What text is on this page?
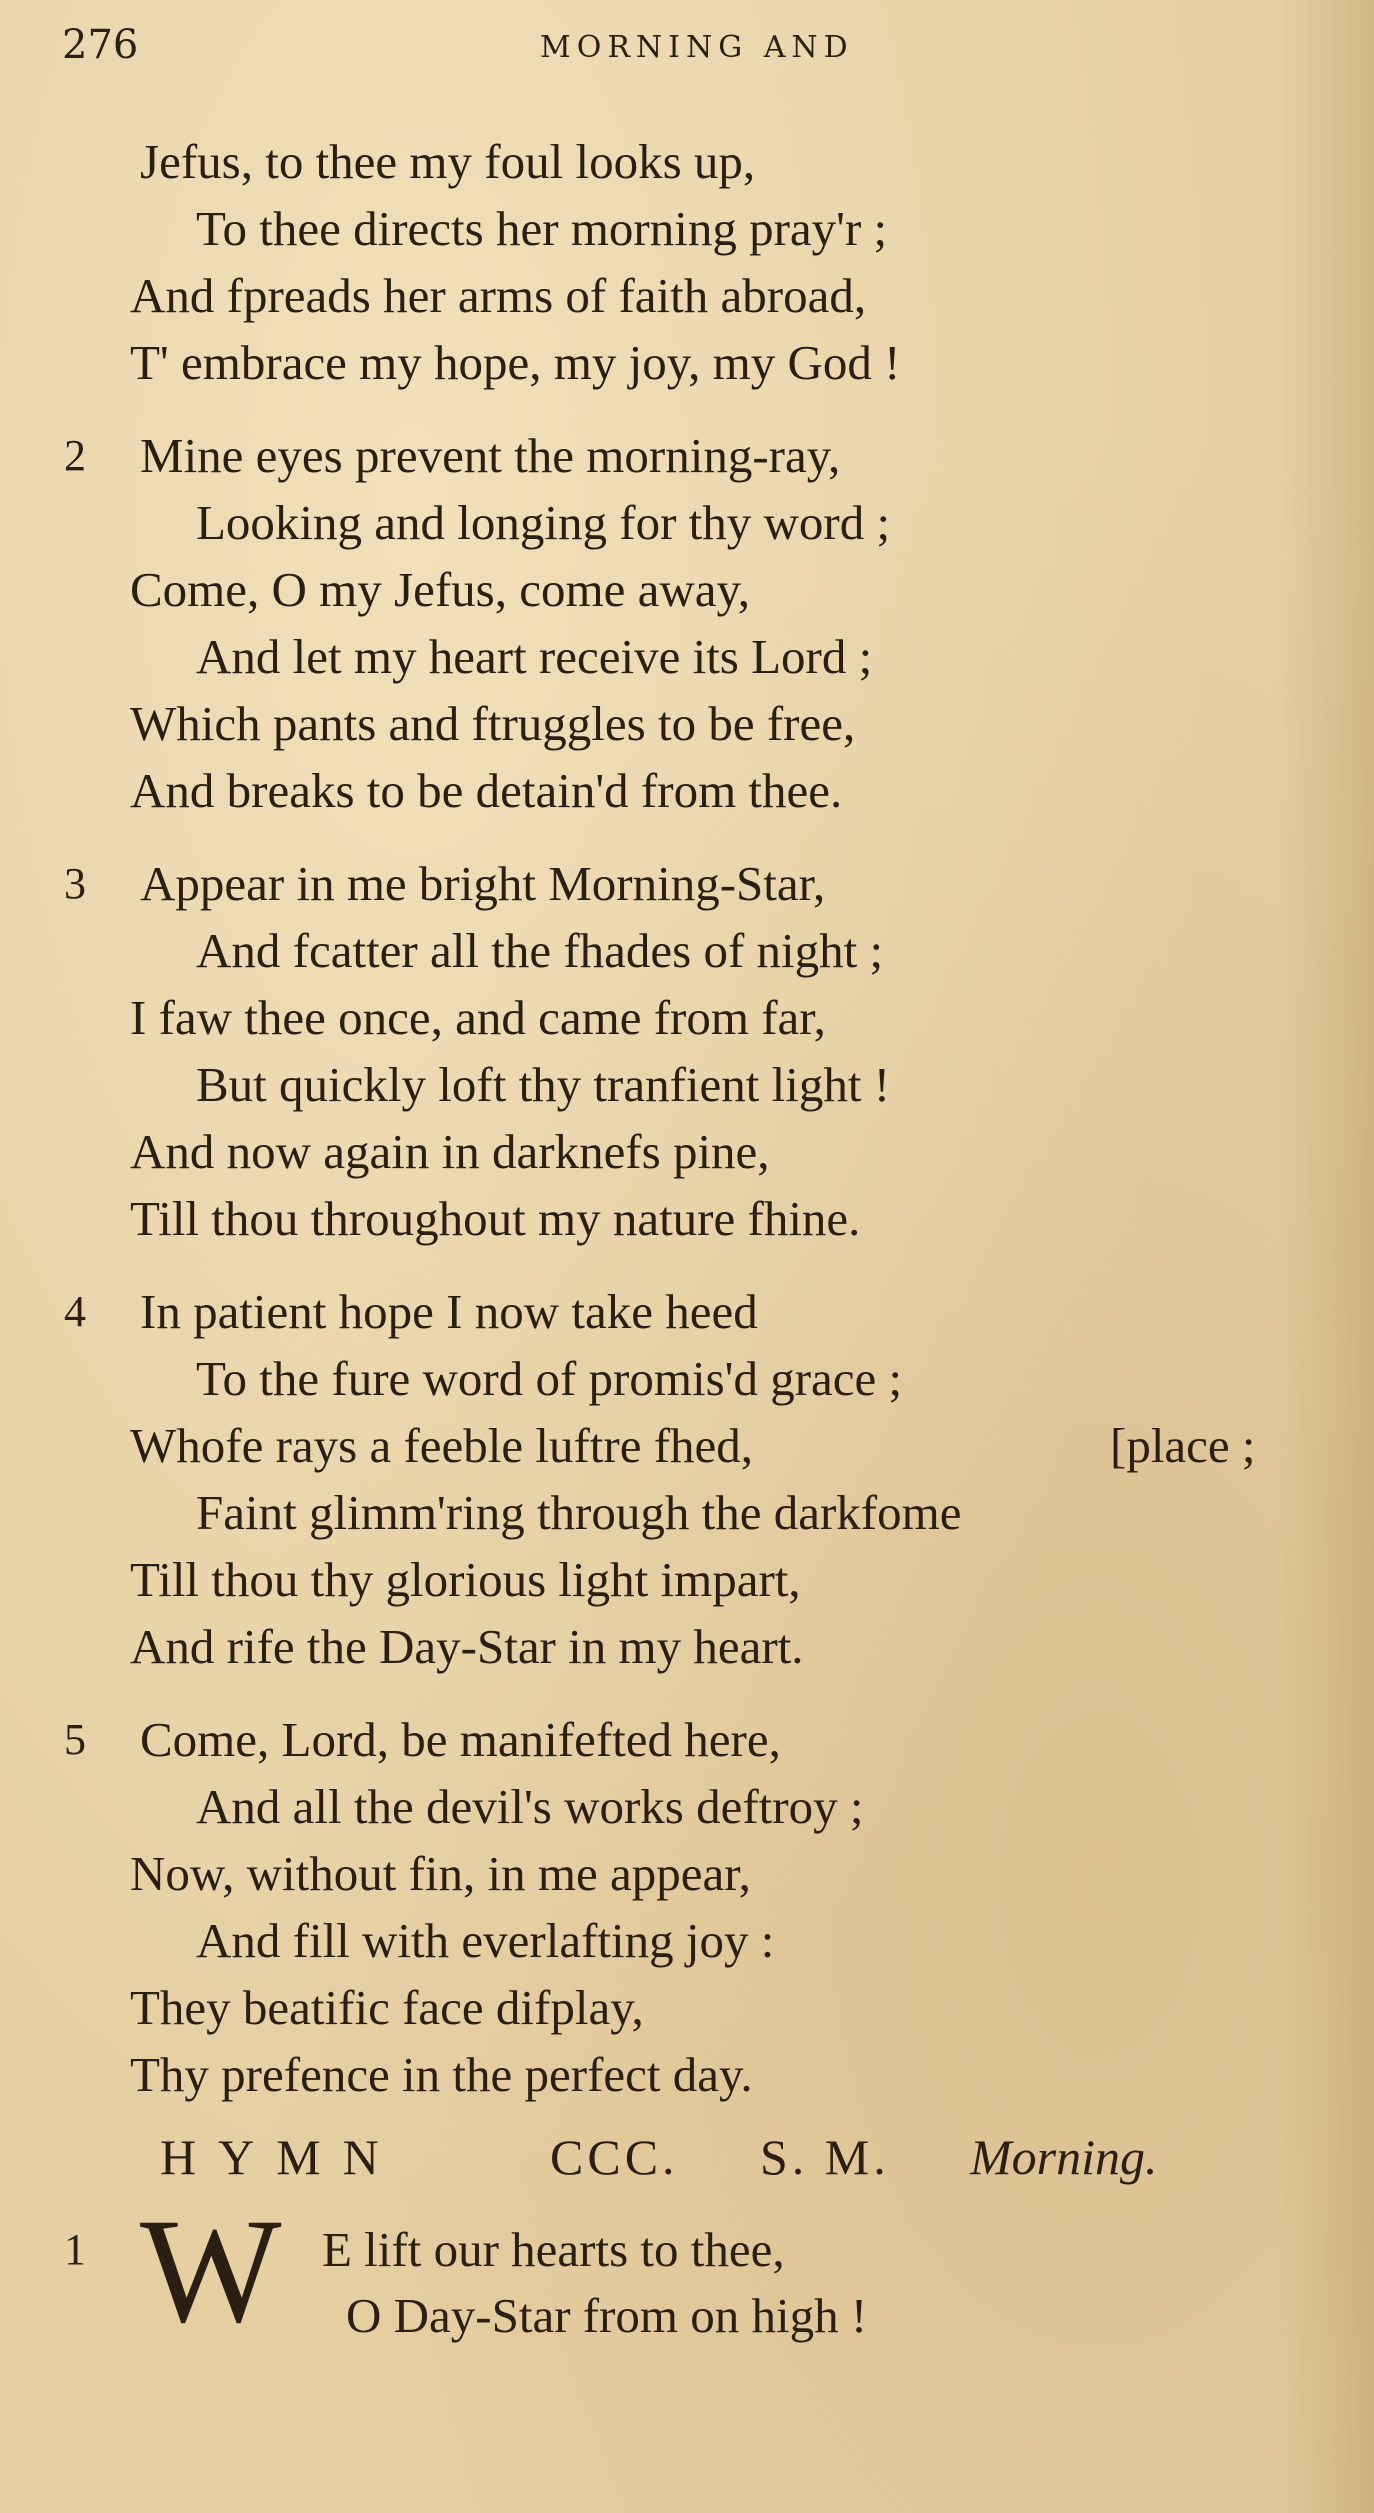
276	MORNING AND
Jefus, to thee my foul looks up,
To thee directs her morning pray'r ;
And fpreads her arms of faith abroad,
T' embrace my hope, my joy, my God !
2 Mine eyes prevent the morning-ray,
Looking and longing for thy word ;
Come, O my Jefus, come away,
And let my heart receive its Lord ;
Which pants and ftruggles to be free,
And breaks to be detain'd from thee.
3 Appear in me bright Morning-Star,
And fcatter all the fhades of night ;
I faw thee once, and came from far,
But quickly loft thy tranfient light !
And now again in darknefs pine,
Till thou throughout my nature fhine.
4 In patient hope I now take heed
To the fure word of promis'd grace ;
Whofe rays a feeble luftre fhed,	[place ;
Faint glimm'ring through the darkfome
Till thou thy glorious light impart,
And rife the Day-Star in my heart.
5 Come, Lord, be manifefted here,
And all the devil's works deftroy ;
Now, without fin, in me appear,
And fill with everlafting joy :
They beatific face difplay,
Thy prefence in the perfect day.
HYMN	CCC. S. M. Morning.
1 W E lift our hearts to thee,
O Day-Star from on high !
